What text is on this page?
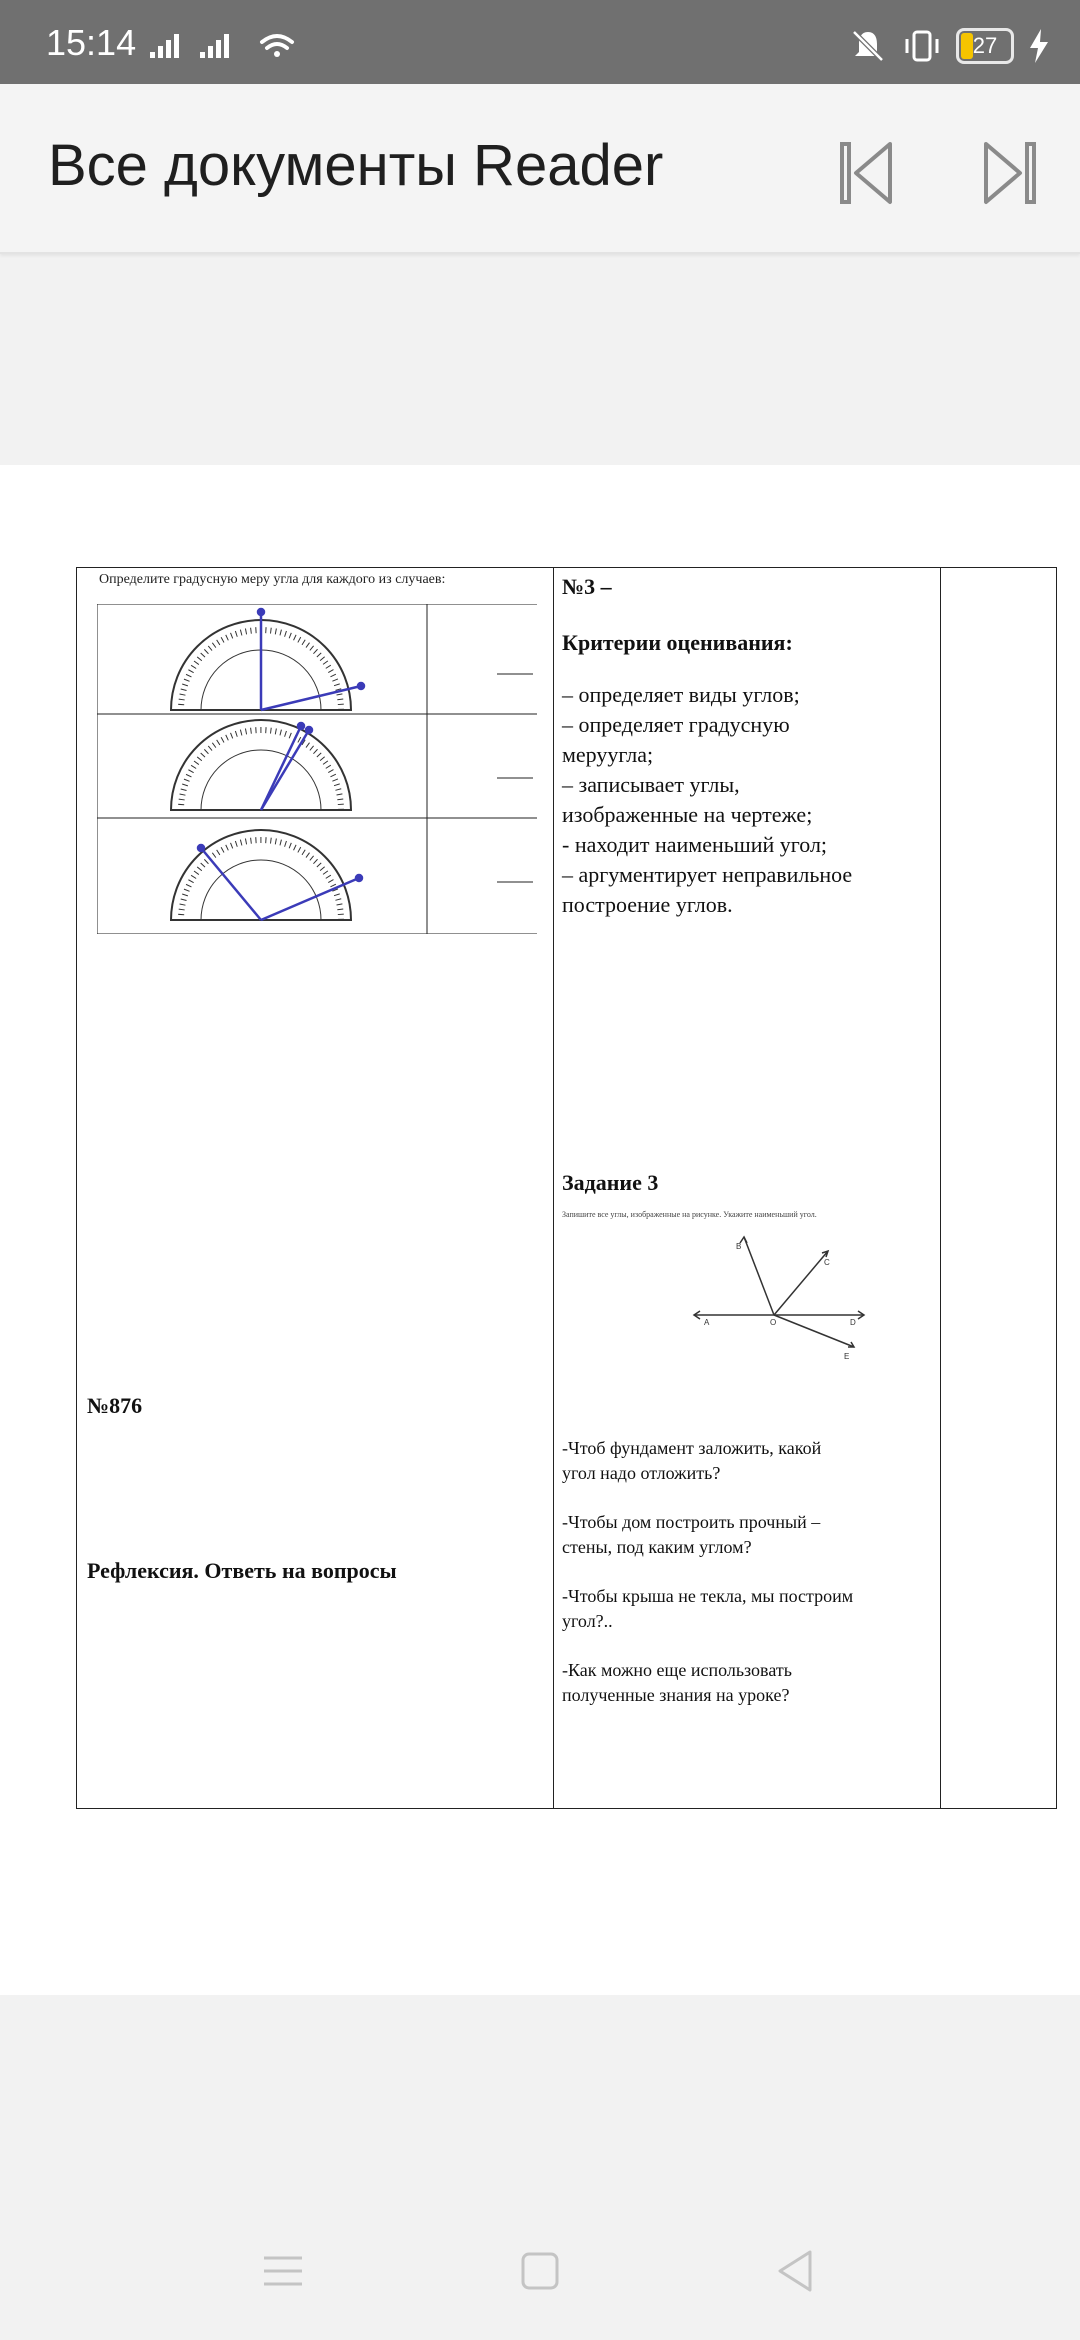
15:14	27
Все документы Reader
Определите градусную меру угла для каждого из случаев:
№876
Рефлексия. Ответь на вопросы

№3 –
Критерии оценивания:
– определяет виды углов;
– определяет градусную
меруугла;
– записывает углы,
изображенные на чертеже;
- находит наименьший угол;
– аргументирует неправильное
построение углов.
Задание 3
Запишите все углы, изображенные на рисунке. Укажите наименьший угол.
B
C
A	O	D
E
-Чтоб фундамент заложить, какой
угол надо отложить?
-Чтобы дом построить прочный –
стены, под каким углом?
-Чтобы крыша не текла, мы построим
угол?..
-Как можно еще использовать
полученные знания на уроке?
